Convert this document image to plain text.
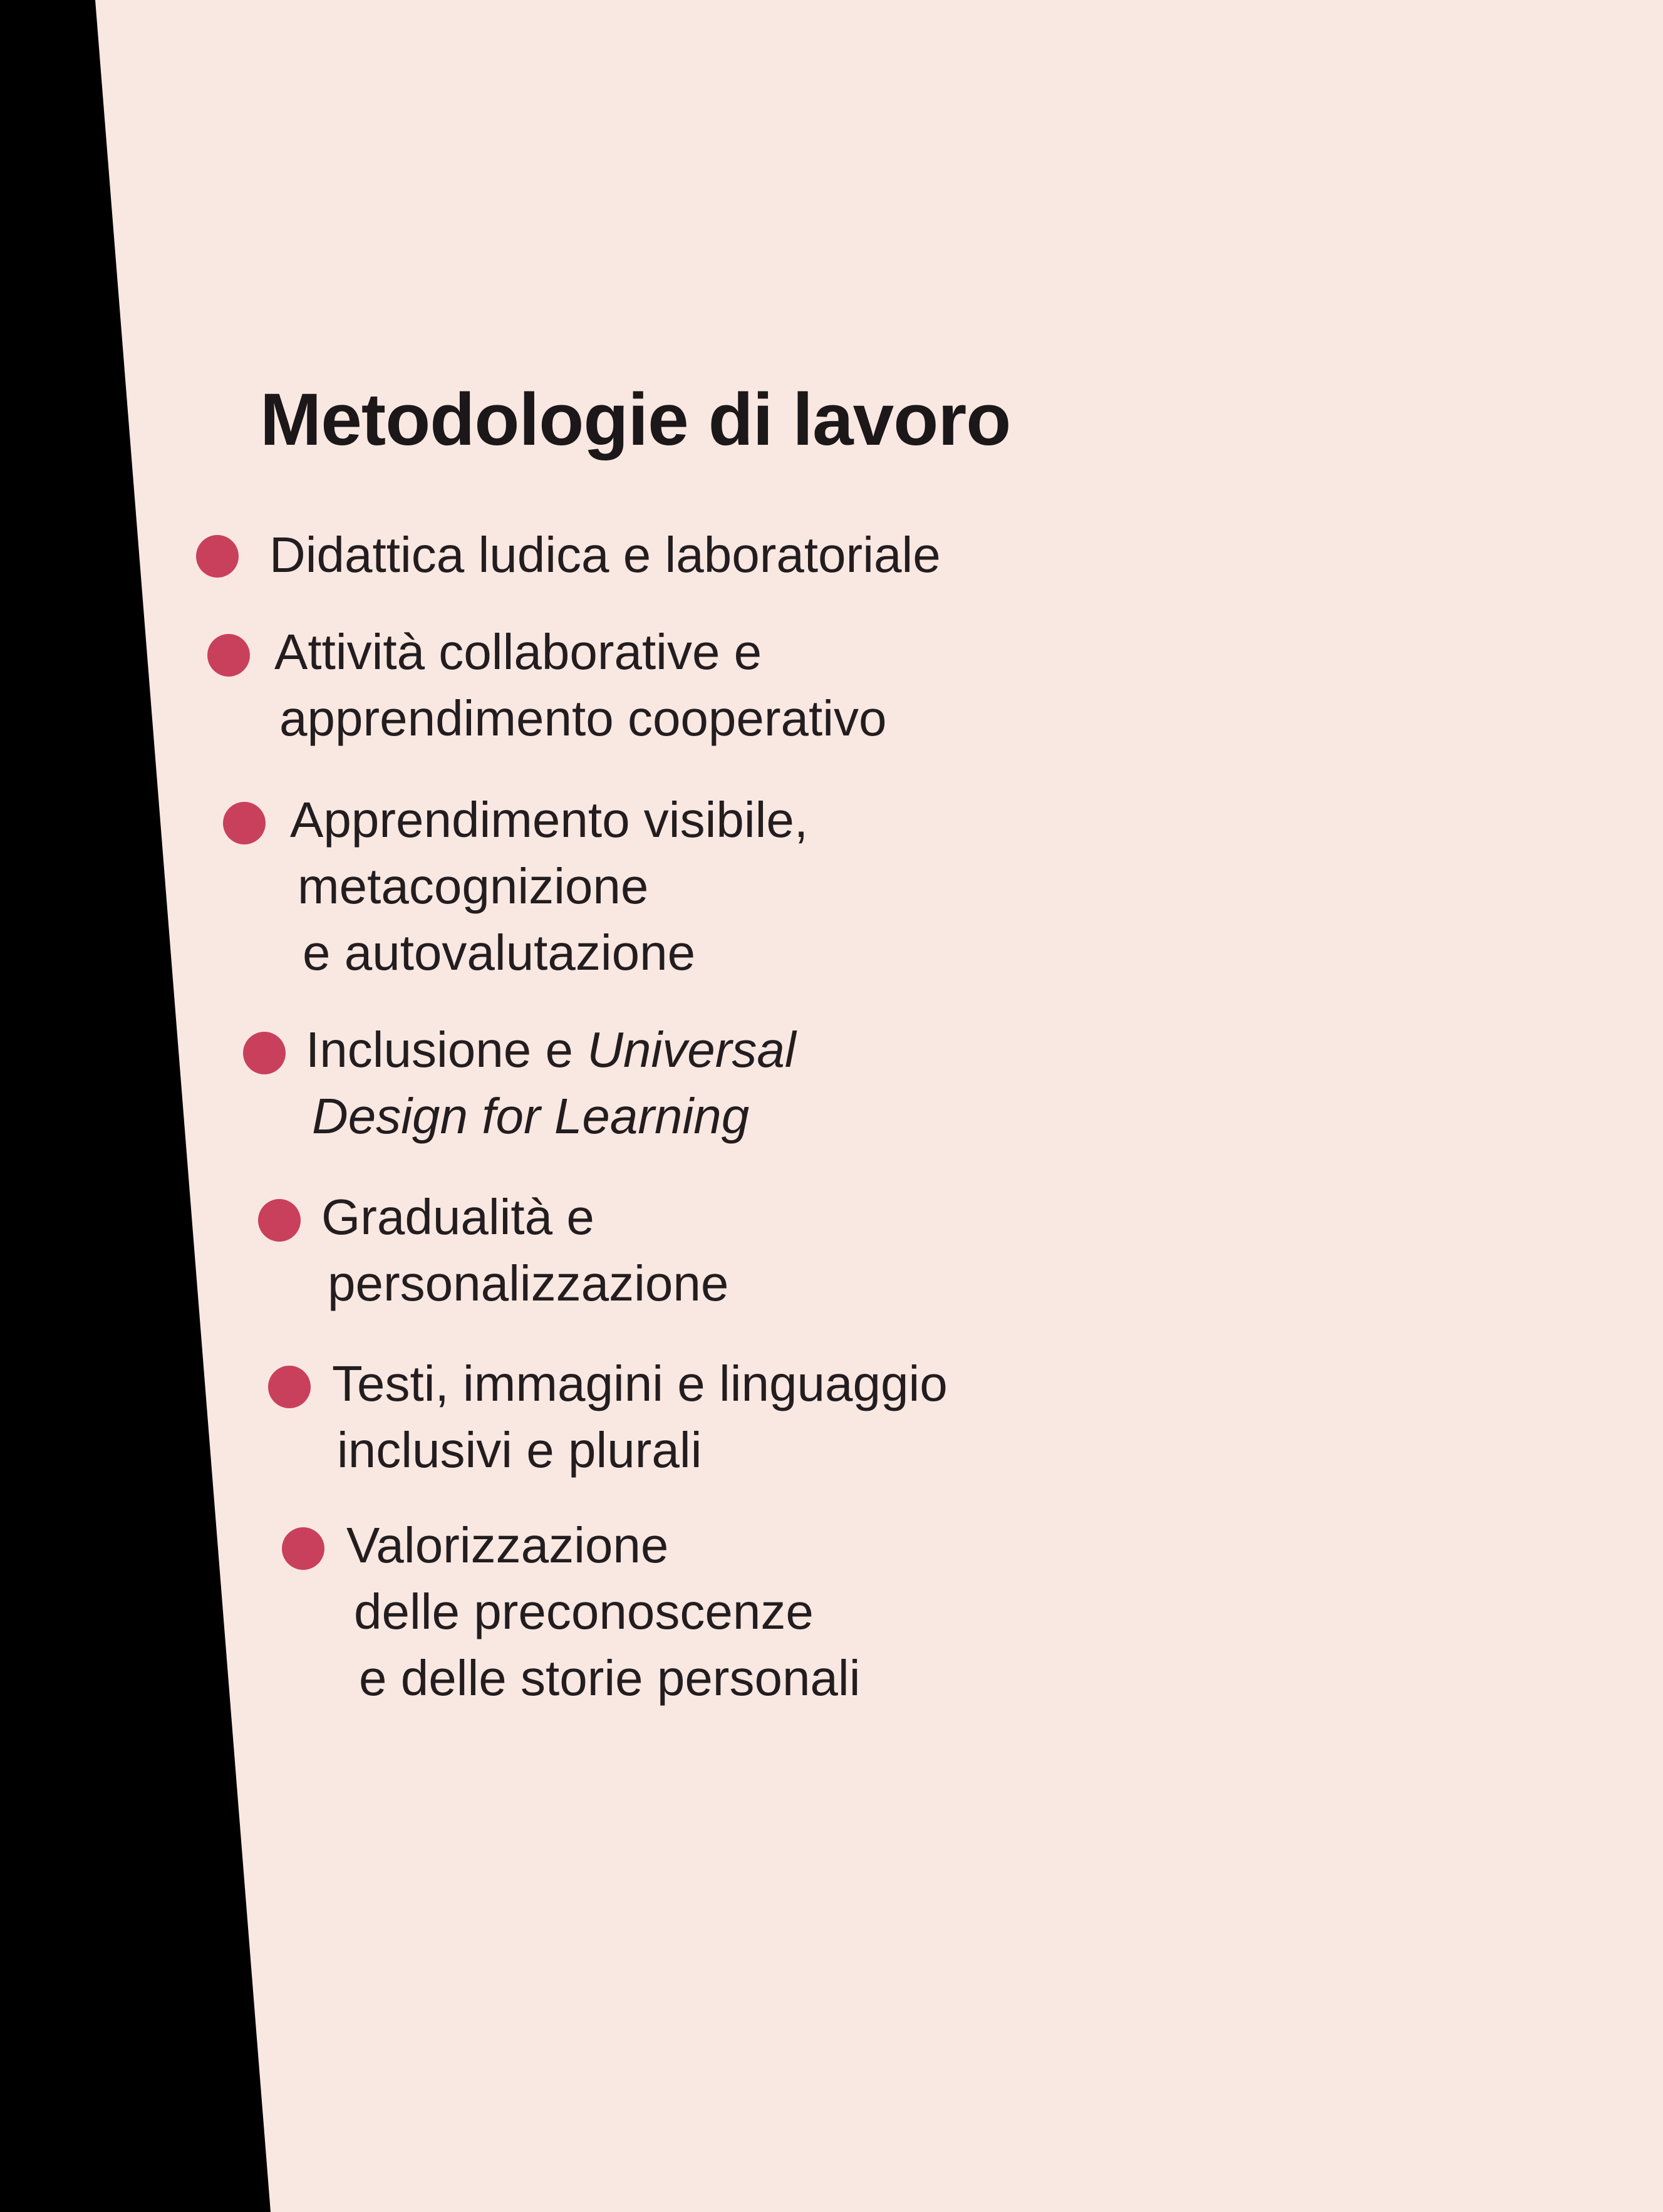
Metodologie di lavoro
Didattica ludica e laboratoriale
Attività collaborative e
apprendimento cooperativo
Apprendimento visibile,
metacognizione
e autovalutazione
Inclusione e Universal
Design for Learning
Gradualità e
personalizzazione
Testi, immagini e linguaggio
inclusivi e plurali
Valorizzazione
delle preconoscenze
e delle storie personali
